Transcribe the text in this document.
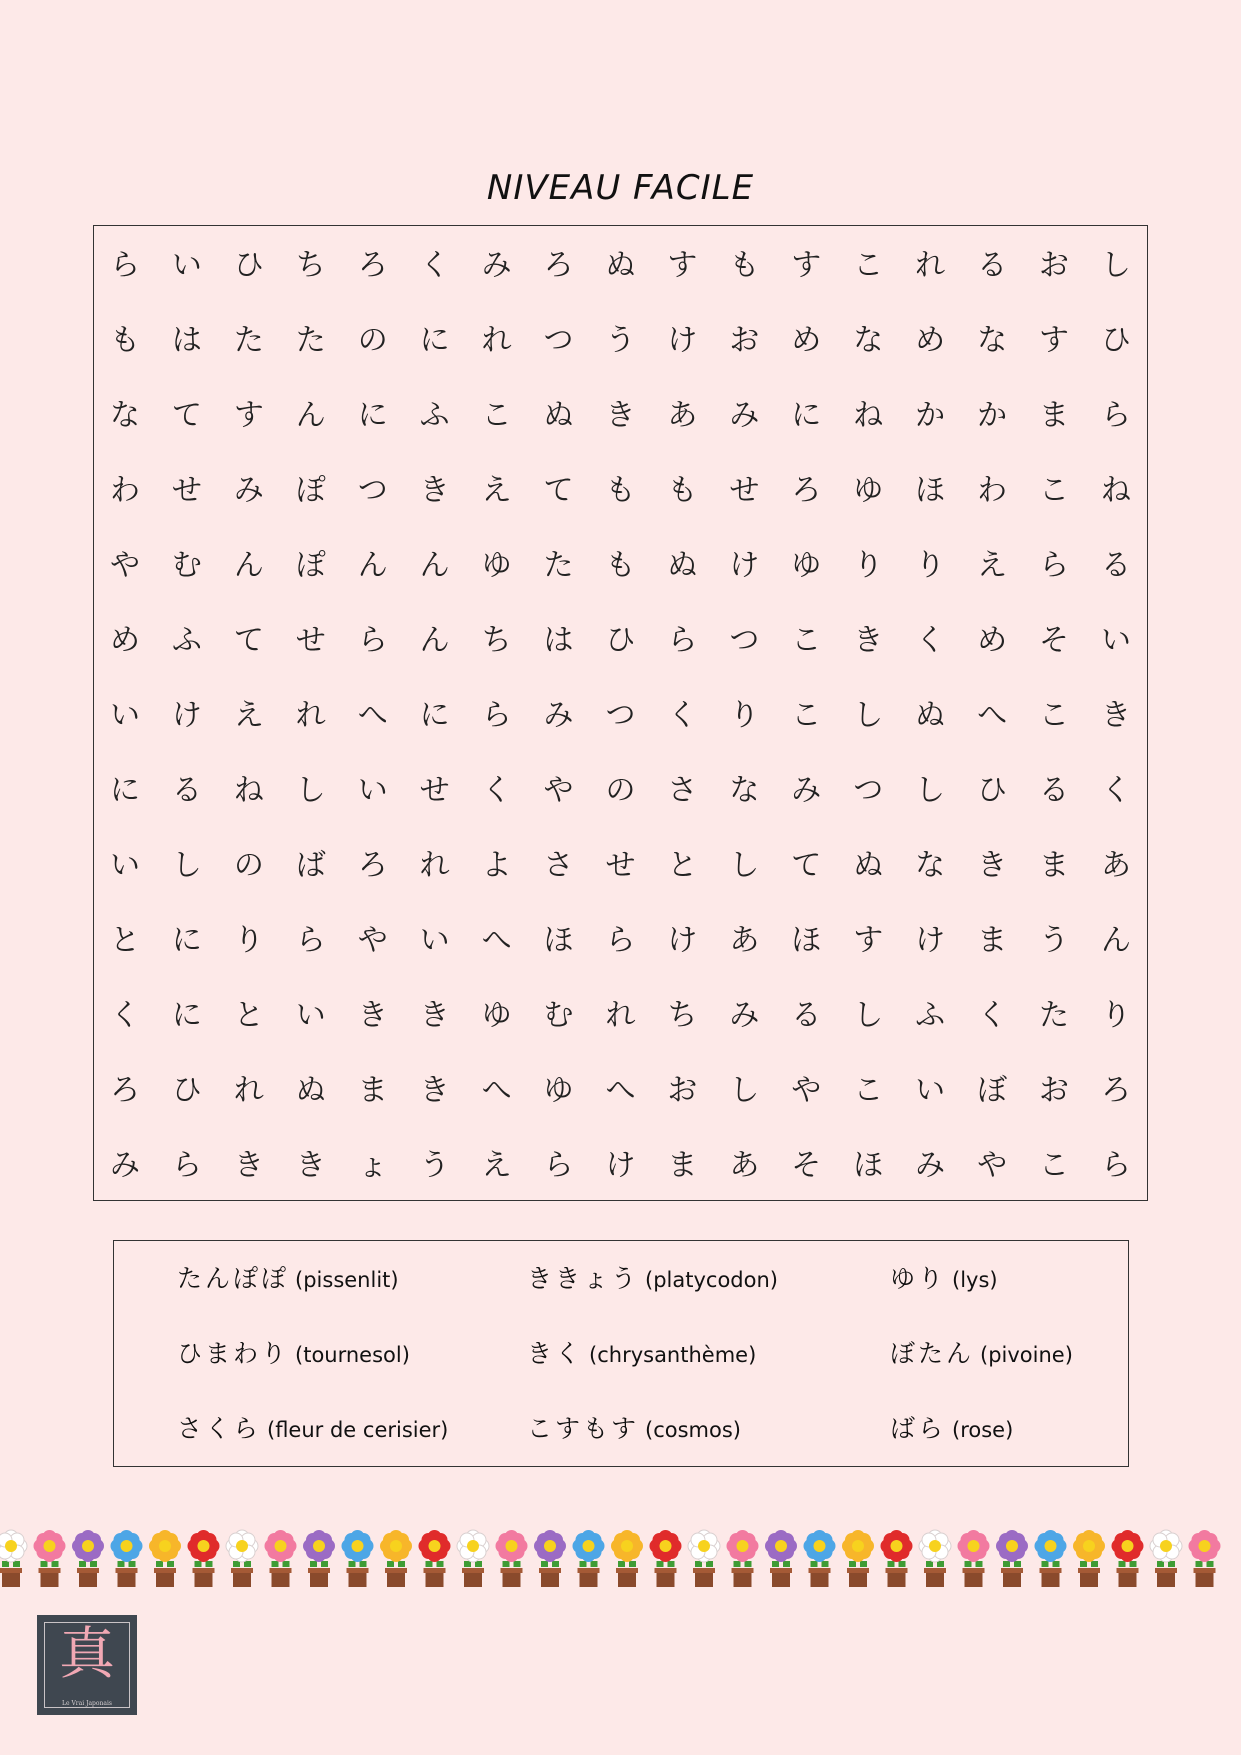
NIVEAU FACILE
ら	い	ひ	ち	ろ	く	み	ろ	ぬ	す	も	す	こ	れ	る	お	し
も	は	た	た	の	に	れ	つ	う	け	お	め	な	め	な	す	ひ
な	て	す	ん	に	ふ	こ	ぬ	き	あ	み	に	ね	か	か	ま	ら
わ	せ	み	ぽ	つ	き	え	て	も	も	せ	ろ	ゆ	ほ	わ	こ	ね
や	む	ん	ぽ	ん	ん	ゆ	た	も	ぬ	け	ゆ	り	り	え	ら	る
め	ふ	て	せ	ら	ん	ち	は	ひ	ら	つ	こ	き	く	め	そ	い
い	け	え	れ	へ	に	ら	み	つ	く	り	こ	し	ぬ	へ	こ	き
に	る	ね	し	い	せ	く	や	の	さ	な	み	つ	し	ひ	る	く
い	し	の	ば	ろ	れ	よ	さ	せ	と	し	て	ぬ	な	き	ま	あ
と	に	り	ら	や	い	へ	ほ	ら	け	あ	ほ	す	け	ま	う	ん
く	に	と	い	き	き	ゆ	む	れ	ち	み	る	し	ふ	く	た	り
ろ	ひ	れ	ぬ	ま	き	へ	ゆ	へ	お	し	や	こ	い	ぼ	お	ろ
み	ら	き	き	ょ	う	え	ら	け	ま	あ	そ	ほ	み	や	こ	ら
たんぽぽ (pissenlit)	ききょう (platycodon)	ゆり (lys)
ひまわり (tournesol)	きく (chrysanthème)	ぼたん (pivoine)
さくら (fleur de cerisier)	こすもす (cosmos)	ばら (rose)
真
Le Vrai Japonais
